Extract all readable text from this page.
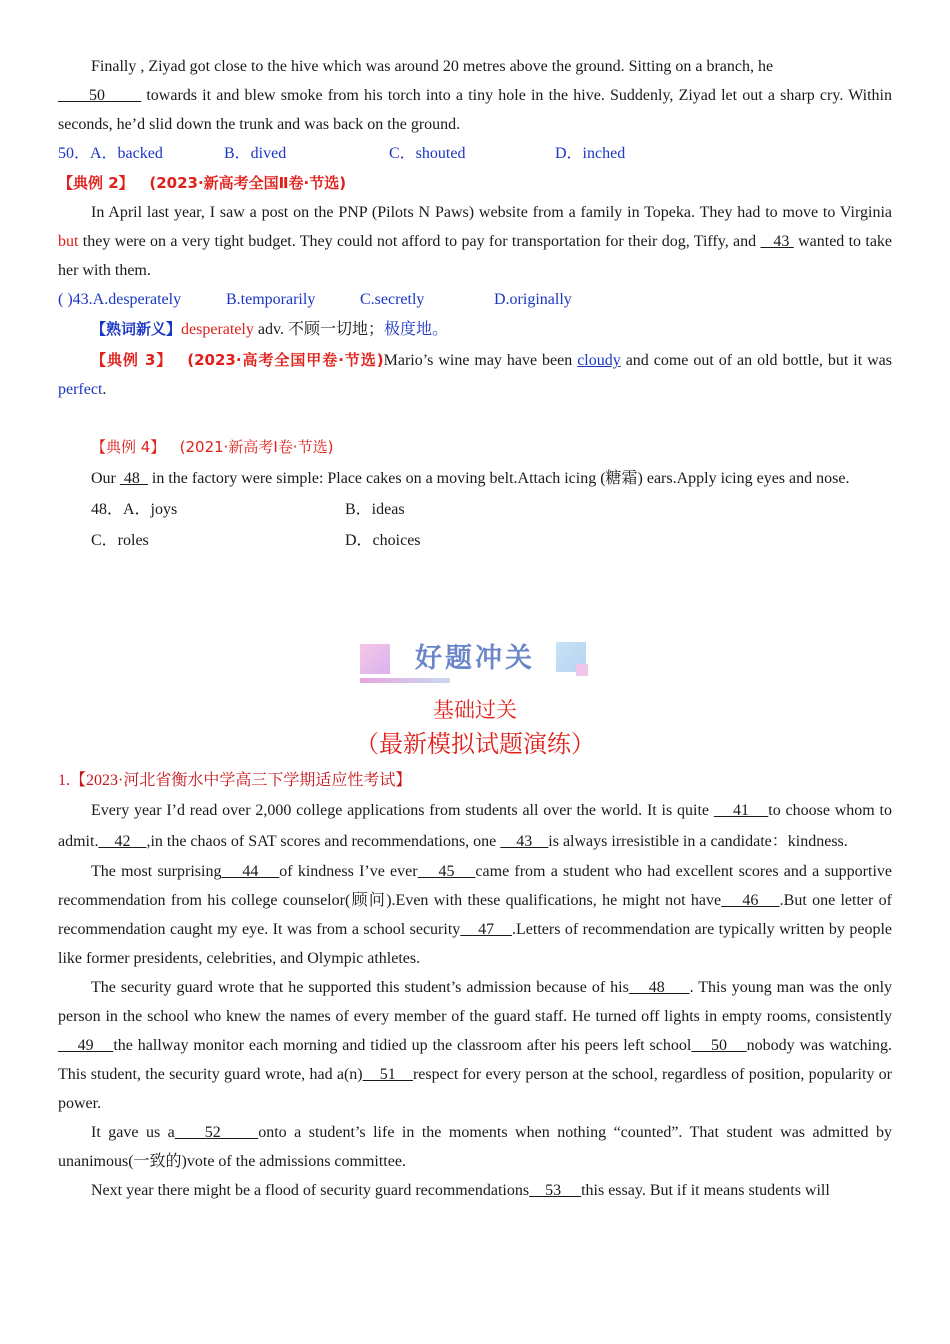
Finally , Ziyad got close to the hive which was around 20 metres above the ground. Sitting on a branch, he
50        towards it and blew smoke from his torch into a tiny hole in the hive. Suddenly, Ziyad let out a sharp cry. Within seconds, he’d slid down the trunk and was back on the ground.

50．A．backed	B．dived	C．shouted	D．inched

【典例 2】 (2023·新高考全国Ⅱ卷·节选)

In April last year, I saw a post on the PNP (Pilots N Paws) website from a family in Topeka. They had to move to Virginia but they were on a very tight budget. They could not afford to pay for transportation for their dog, Tiffy, and    43  wanted to take her with them.

( )43.A.desperately	B.temporarily	C.secretly	D.originally

【熟词新义】desperately adv. 不顾一切地；极度地。

【典例 3】 (2023·高考全国甲卷·节选)Mario’s wine may have been cloudy and come out of an old bottle, but it was perfect.

【典例 4】 (2021·新高考Ⅰ卷·节选)

Our  48   in the factory were simple: Place cakes on a moving belt.Attach icing (糖霜) ears.Apply icing eyes and nose.

48．A．joys	B．ideas
C．roles	D．choices
好题冲关
基础过关
（最新模拟试题演练）
1.【2023·河北省衡水中学高三下学期适应性考试】

Every year I’d read over 2,000 college applications from students all over the world. It is quite     41    to choose whom to admit.    42    ,in the chaos of SAT scores and recommendations, one     43    is always irresistible in a candidate：kindness.

The most surprising    44    of kindness I’ve ever    45    came from a student who had excellent scores and a supportive recommendation from his college counselor(顾问).Even with these qualifications, he might not have    46    .But one letter of recommendation caught my eye. It was from a school security    47    .Letters of recommendation are typically written by people like former presidents, celebrities, and Olympic athletes.

The security guard wrote that he supported this student’s admission because of his    48     . This young man was the only person in the school who knew the names of every member of the guard staff. He turned off lights in empty rooms, consistently    49    the hallway monitor each morning and tidied up the classroom after his peers left school    50    nobody was watching. This student, the security guard wrote, had a(n)    51    respect for every person at the school, regardless of position, popularity or power.

It gave us a    52     onto a student’s life in the moments when nothing “counted”. That student was admitted by unanimous(一致的)vote of the admissions committee.

Next year there might be a flood of security guard recommendations    53     this essay. But if it means students will
